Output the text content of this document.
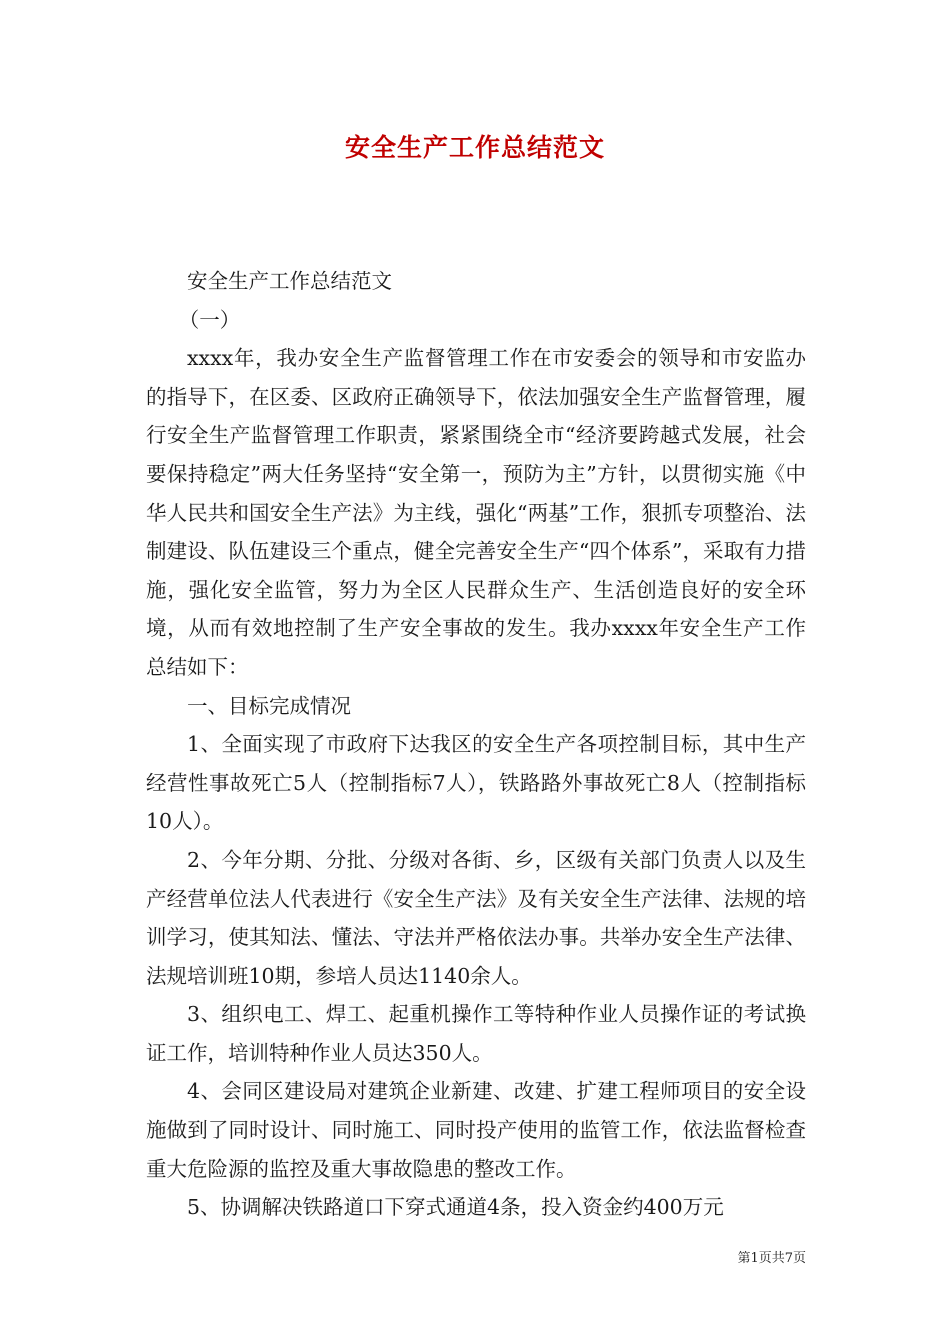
安全生产工作总结范文

安全生产工作总结范文

（一）

xxxx年，我办安全生产监督管理工作在市安委会的领导和市安监办的指导下，在区委、区政府正确领导下，依法加强安全生产监督管理，履行安全生产监督管理工作职责，紧紧围绕全市“经济要跨越式发展，社会要保持稳定”两大任务坚持“安全第一，预防为主”方针，以贯彻实施《中华人民共和国安全生产法》为主线，强化“两基”工作，狠抓专项整治、法制建设、队伍建设三个重点，健全完善安全生产“四个体系”，采取有力措施，强化安全监管，努力为全区人民群众生产、生活创造良好的安全环境，从而有效地控制了生产安全事故的发生。我办xxxx年安全生产工作总结如下：

一、目标完成情况

1、全面实现了市政府下达我区的安全生产各项控制目标，其中生产经营性事故死亡5人（控制指标7人），铁路路外事故死亡8人（控制指标10人）。

2、今年分期、分批、分级对各街、乡，区级有关部门负责人以及生产经营单位法人代表进行《安全生产法》及有关安全生产法律、法规的培训学习，使其知法、懂法、守法并严格依法办事。共举办安全生产法律、法规培训班10期，参培人员达1140余人。

3、组织电工、焊工、起重机操作工等特种作业人员操作证的考试换证工作，培训特种作业人员达350人。

4、会同区建设局对建筑企业新建、改建、扩建工程师项目的安全设施做到了同时设计、同时施工、同时投产使用的监管工作，依法监督检查重大危险源的监控及重大事故隐患的整改工作。

5、协调解决铁路道口下穿式通道4条，投入资金约400万元

第1页共7页
